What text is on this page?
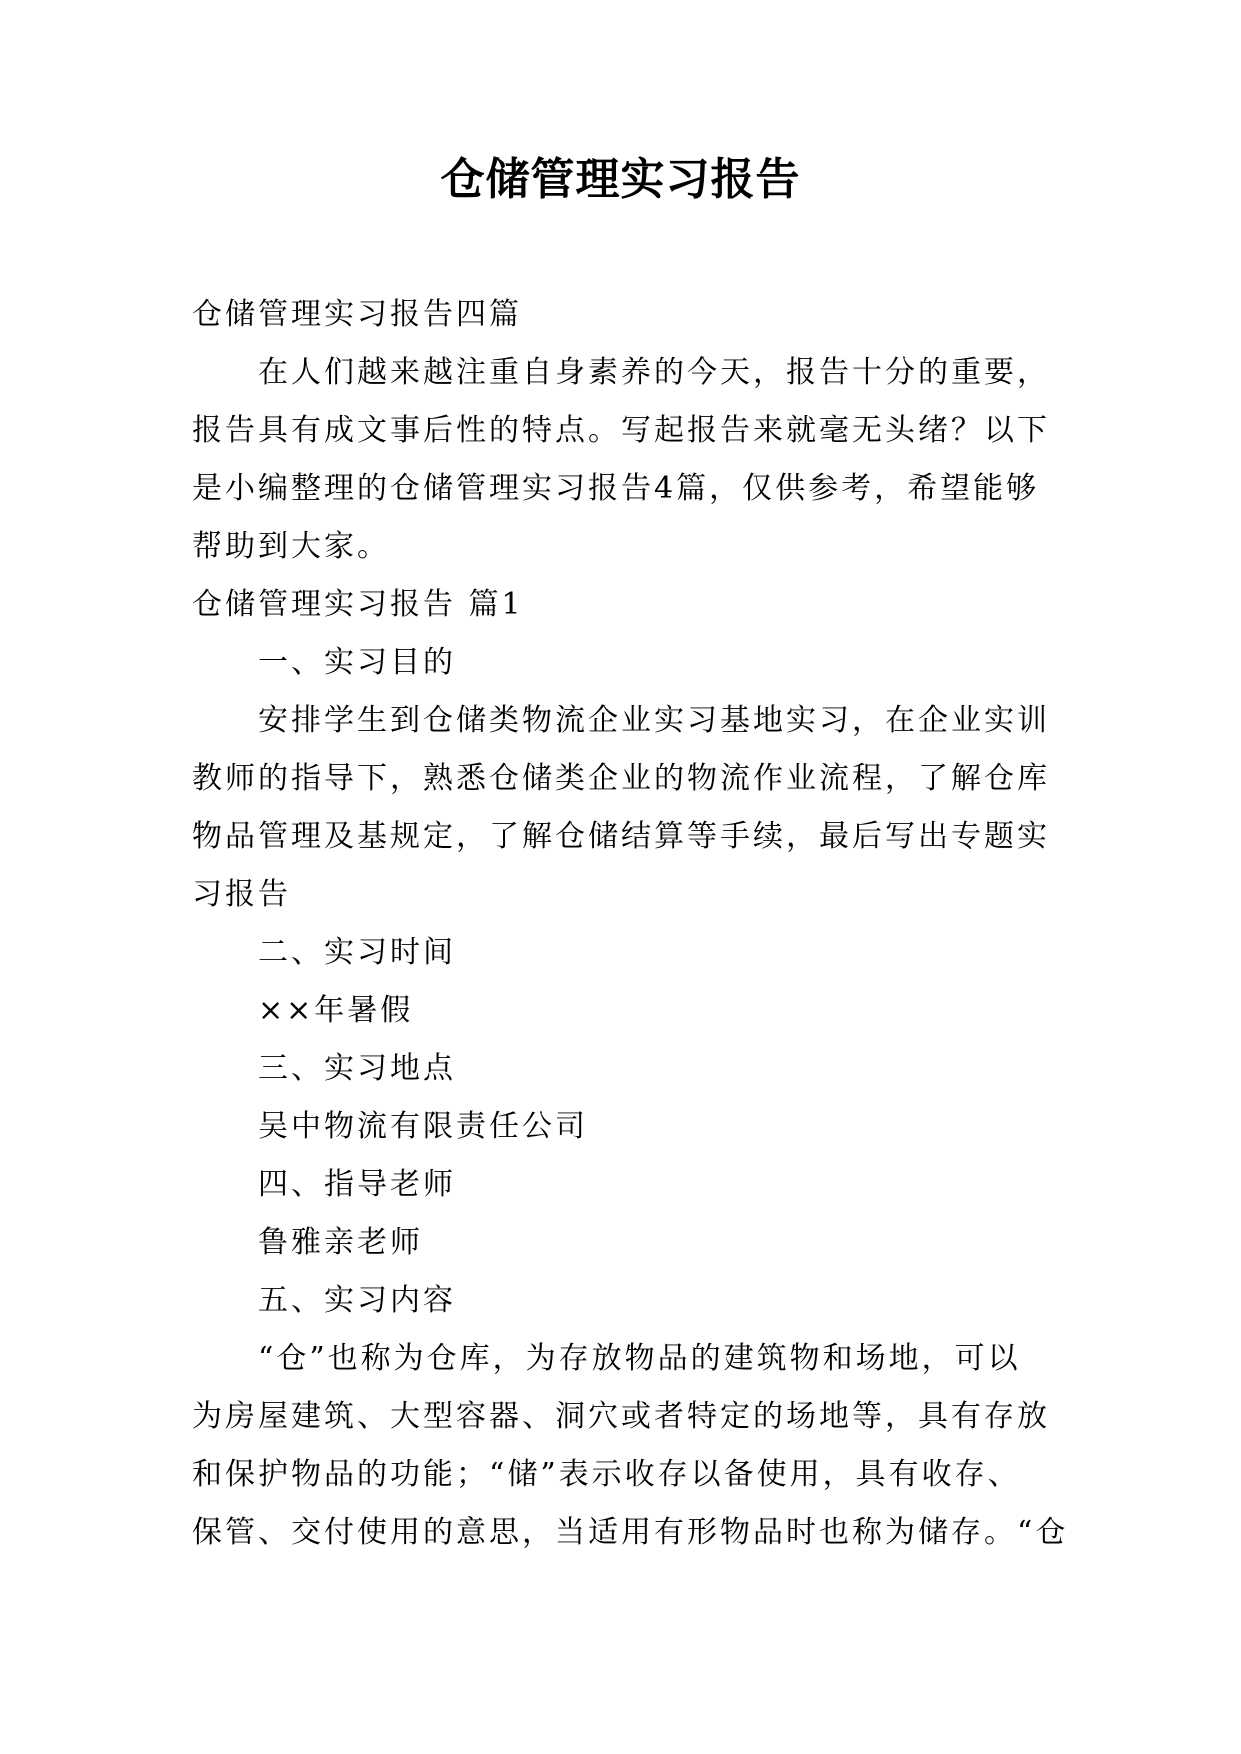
仓储管理实习报告
仓储管理实习报告四篇
在人们越来越注重自身素养的今天，报告十分的重要，
报告具有成文事后性的特点。写起报告来就毫无头绪？以下
是小编整理的仓储管理实习报告4篇，仅供参考，希望能够
帮助到大家。
仓储管理实习报告 篇1
一、实习目的
安排学生到仓储类物流企业实习基地实习，在企业实训
教师的指导下，熟悉仓储类企业的物流作业流程，了解仓库
物品管理及基规定，了解仓储结算等手续，最后写出专题实
习报告
二、实习时间
××年暑假
三、实习地点
吴中物流有限责任公司
四、指导老师
鲁雅亲老师
五、实习内容
“仓”也称为仓库，为存放物品的建筑物和场地，可以
为房屋建筑、大型容器、洞穴或者特定的场地等，具有存放
和保护物品的功能；“储”表示收存以备使用，具有收存、
保管、交付使用的意思，当适用有形物品时也称为储存。“仓
